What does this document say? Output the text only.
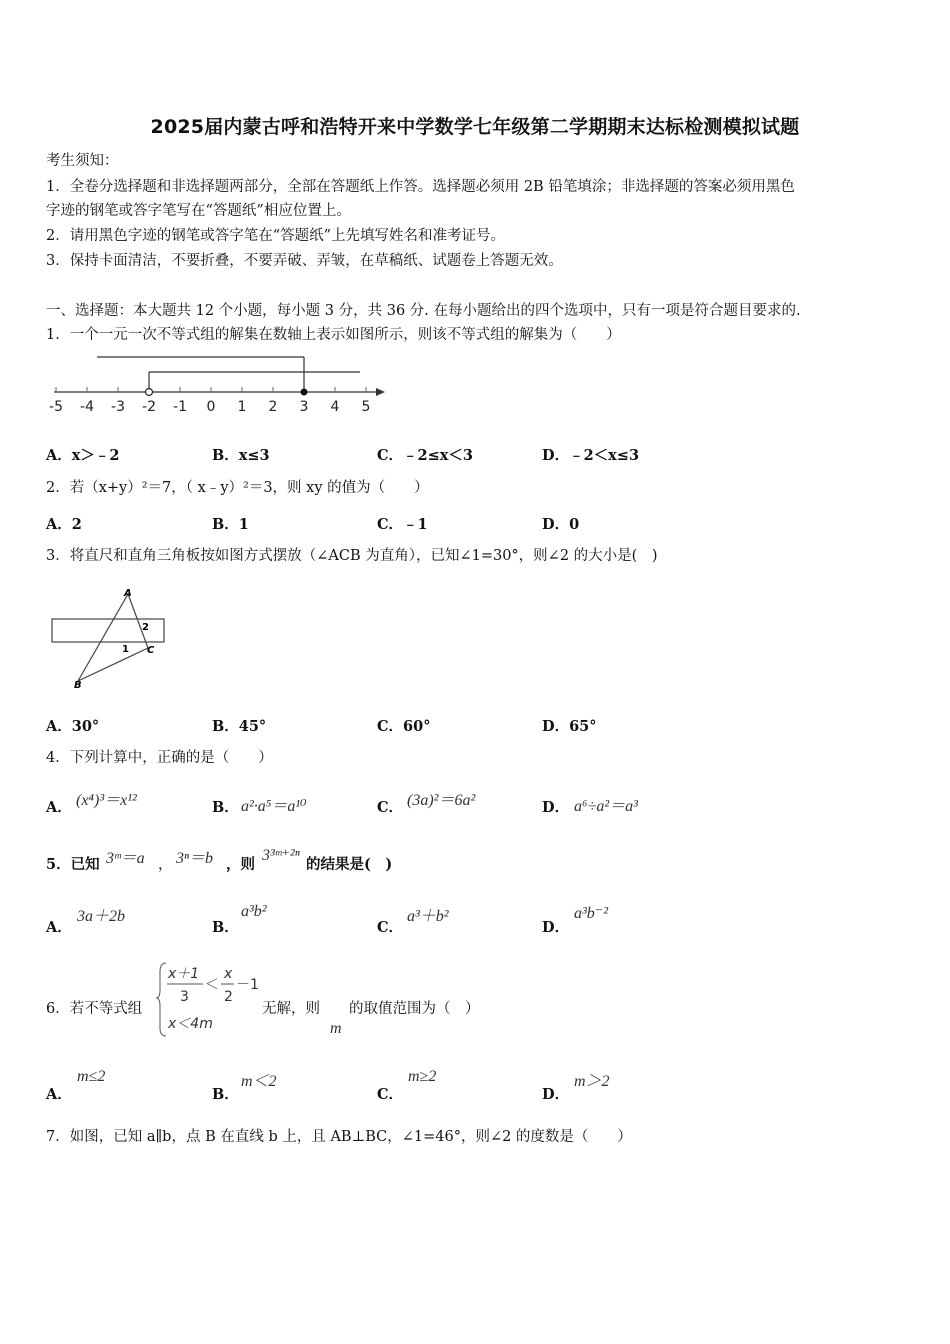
2025届内蒙古呼和浩特开来中学数学七年级第二学期期末达标检测模拟试题
考生须知：
1．全卷分选择题和非选择题两部分，全部在答题纸上作答。选择题必须用 2B 铅笔填涂；非选择题的答案必须用黑色
字迹的钢笔或答字笔写在“答题纸”相应位置上。
2．请用黑色字迹的钢笔或答字笔在“答题纸”上先填写姓名和准考证号。
3．保持卡面清洁，不要折叠，不要弄破、弄皱，在草稿纸、试题卷上答题无效。
一、选择题：本大题共 12 个小题，每小题 3 分，共 36 分. 在每小题给出的四个选项中，只有一项是符合题目要求的.
1．一个一元一次不等式组的解集在数轴上表示如图所示，则该不等式组的解集为（　　）
-5 -4 -3 -2 -1 0 1 2 3 4 5
A．x＞﹣2	B．x≤3	C．﹣2≤x＜3	D．﹣2＜x≤3
2．若（x+y）²＝7，（ x﹣y）²＝3，则 xy 的值为（　　）
A．2	B．1	C．﹣1	D．0
3．将直尺和直角三角板按如图方式摆放（∠ACB 为直角），已知∠1=30°，则∠2 的大小是(　)
A
C
B
1
2
A．30°	B．45°	C．60°	D．65°
4．下列计算中，正确的是（　　）
A． (x⁴)³＝x¹²	B． a²·a⁵＝a¹⁰	C． (3a)²＝6a²	D． a⁶÷a²＝a³
5．已知 3ᵐ＝a ， 3ⁿ＝b ，则
3³ᵐ⁺²ⁿ
的结果是(　)
A．
3a＋2b
B．
a³b²
C．
a³＋b²
D．
a³b⁻²
6．若不等式组
x＋1
3
＜
x
2
－1
x＜4m
无解，则
m
的取值范围为（　）
A．
m≤2
B．
m＜2
C．
m≥2
D．
m＞2
7．如图，已知 a∥b，点 B 在直线 b 上，且 AB⊥BC，∠1=46°，则∠2 的度数是（　　）
